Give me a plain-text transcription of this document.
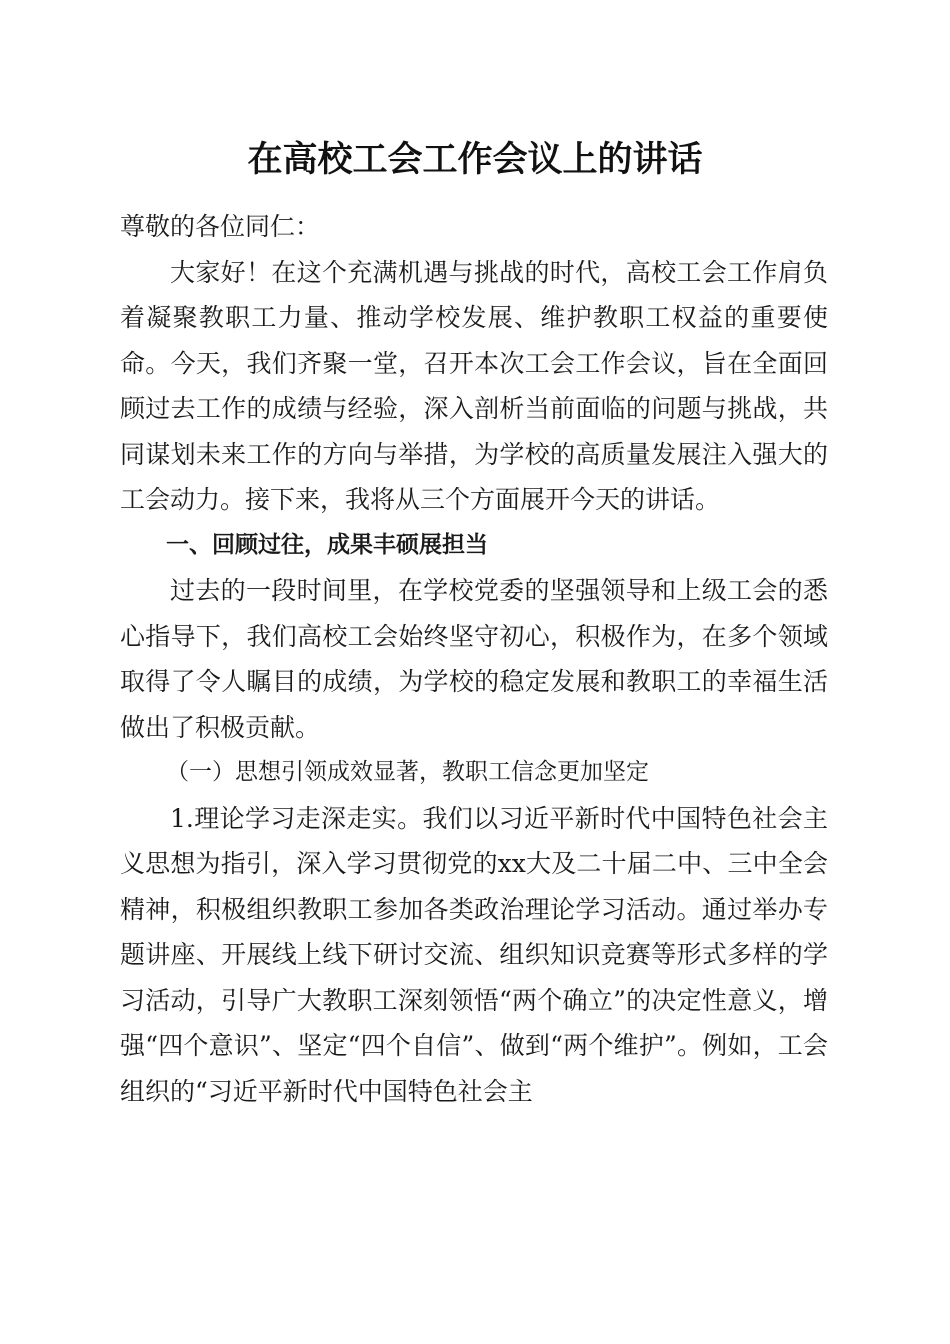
在高校工会工作会议上的讲话

尊敬的各位同仁：

大家好！在这个充满机遇与挑战的时代，高校工会工作肩负着凝聚教职工力量、推动学校发展、维护教职工权益的重要使命。今天，我们齐聚一堂，召开本次工会工作会议，旨在全面回顾过去工作的成绩与经验，深入剖析当前面临的问题与挑战，共同谋划未来工作的方向与举措，为学校的高质量发展注入强大的工会动力。接下来，我将从三个方面展开今天的讲话。

一、回顾过往，成果丰硕展担当

过去的一段时间里，在学校党委的坚强领导和上级工会的悉心指导下，我们高校工会始终坚守初心，积极作为，在多个领域取得了令人瞩目的成绩，为学校的稳定发展和教职工的幸福生活做出了积极贡献。

（一）思想引领成效显著，教职工信念更加坚定

1.理论学习走深走实。我们以习近平新时代中国特色社会主义思想为指引，深入学习贯彻党的xx大及二十届二中、三中全会精神，积极组织教职工参加各类政治理论学习活动。通过举办专题讲座、开展线上线下研讨交流、组织知识竞赛等形式多样的学习活动，引导广大教职工深刻领悟“两个确立”的决定性意义，增强“四个意识”、坚定“四个自信”、做到“两个维护”。例如，工会组织的“习近平新时代中国特色社会主
